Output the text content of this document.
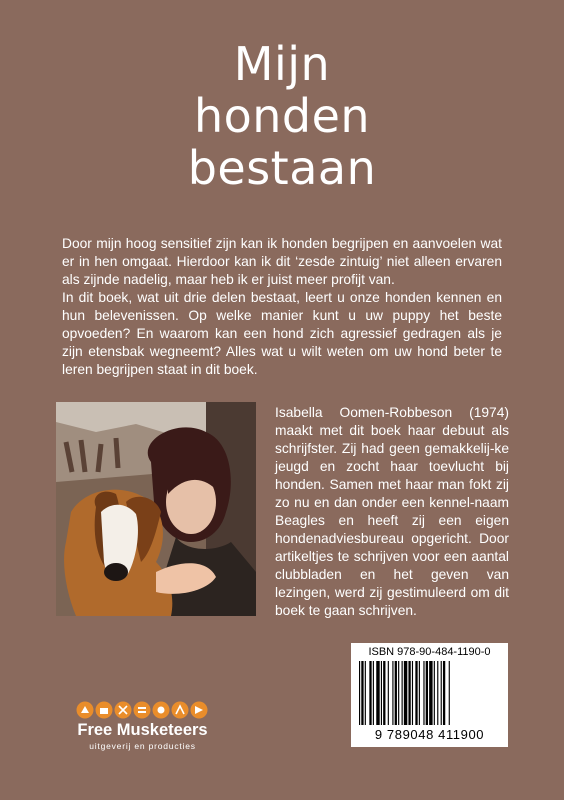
Mijn
honden
bestaan

Door mijn hoog sensitief zijn kan ik honden begrijpen en aanvoelen wat er in hen omgaat. Hierdoor kan ik dit ‘zesde zintuig’ niet alleen ervaren als zijnde nadelig, maar heb ik er juist meer profijt van.

In dit boek, wat uit drie delen bestaat, leert u onze honden kennen en hun belevenissen. Op welke manier kunt u uw puppy het beste opvoeden? En waarom kan een hond zich agressief gedragen als je zijn etensbak wegneemt? Alles wat u wilt weten om uw hond beter te leren begrijpen staat in dit boek.

Isabella Oomen-Robbeson (1974) maakt met dit boek haar debuut als schrijfster. Zij had geen gemakkelij-ke jeugd en zocht haar toevlucht bij honden. Samen met haar man fokt zij zo nu en dan onder een kennel-naam Beagles en heeft zij een eigen hondenadviesbureau opgericht. Door artikeltjes te schrijven voor een aantal clubbladen en het geven van lezingen, werd zij gestimuleerd om dit boek te gaan schrijven.

ISBN 978-90-484-1190-0
9 789048 411900
Free Musketeers
uitgeverij en producties
